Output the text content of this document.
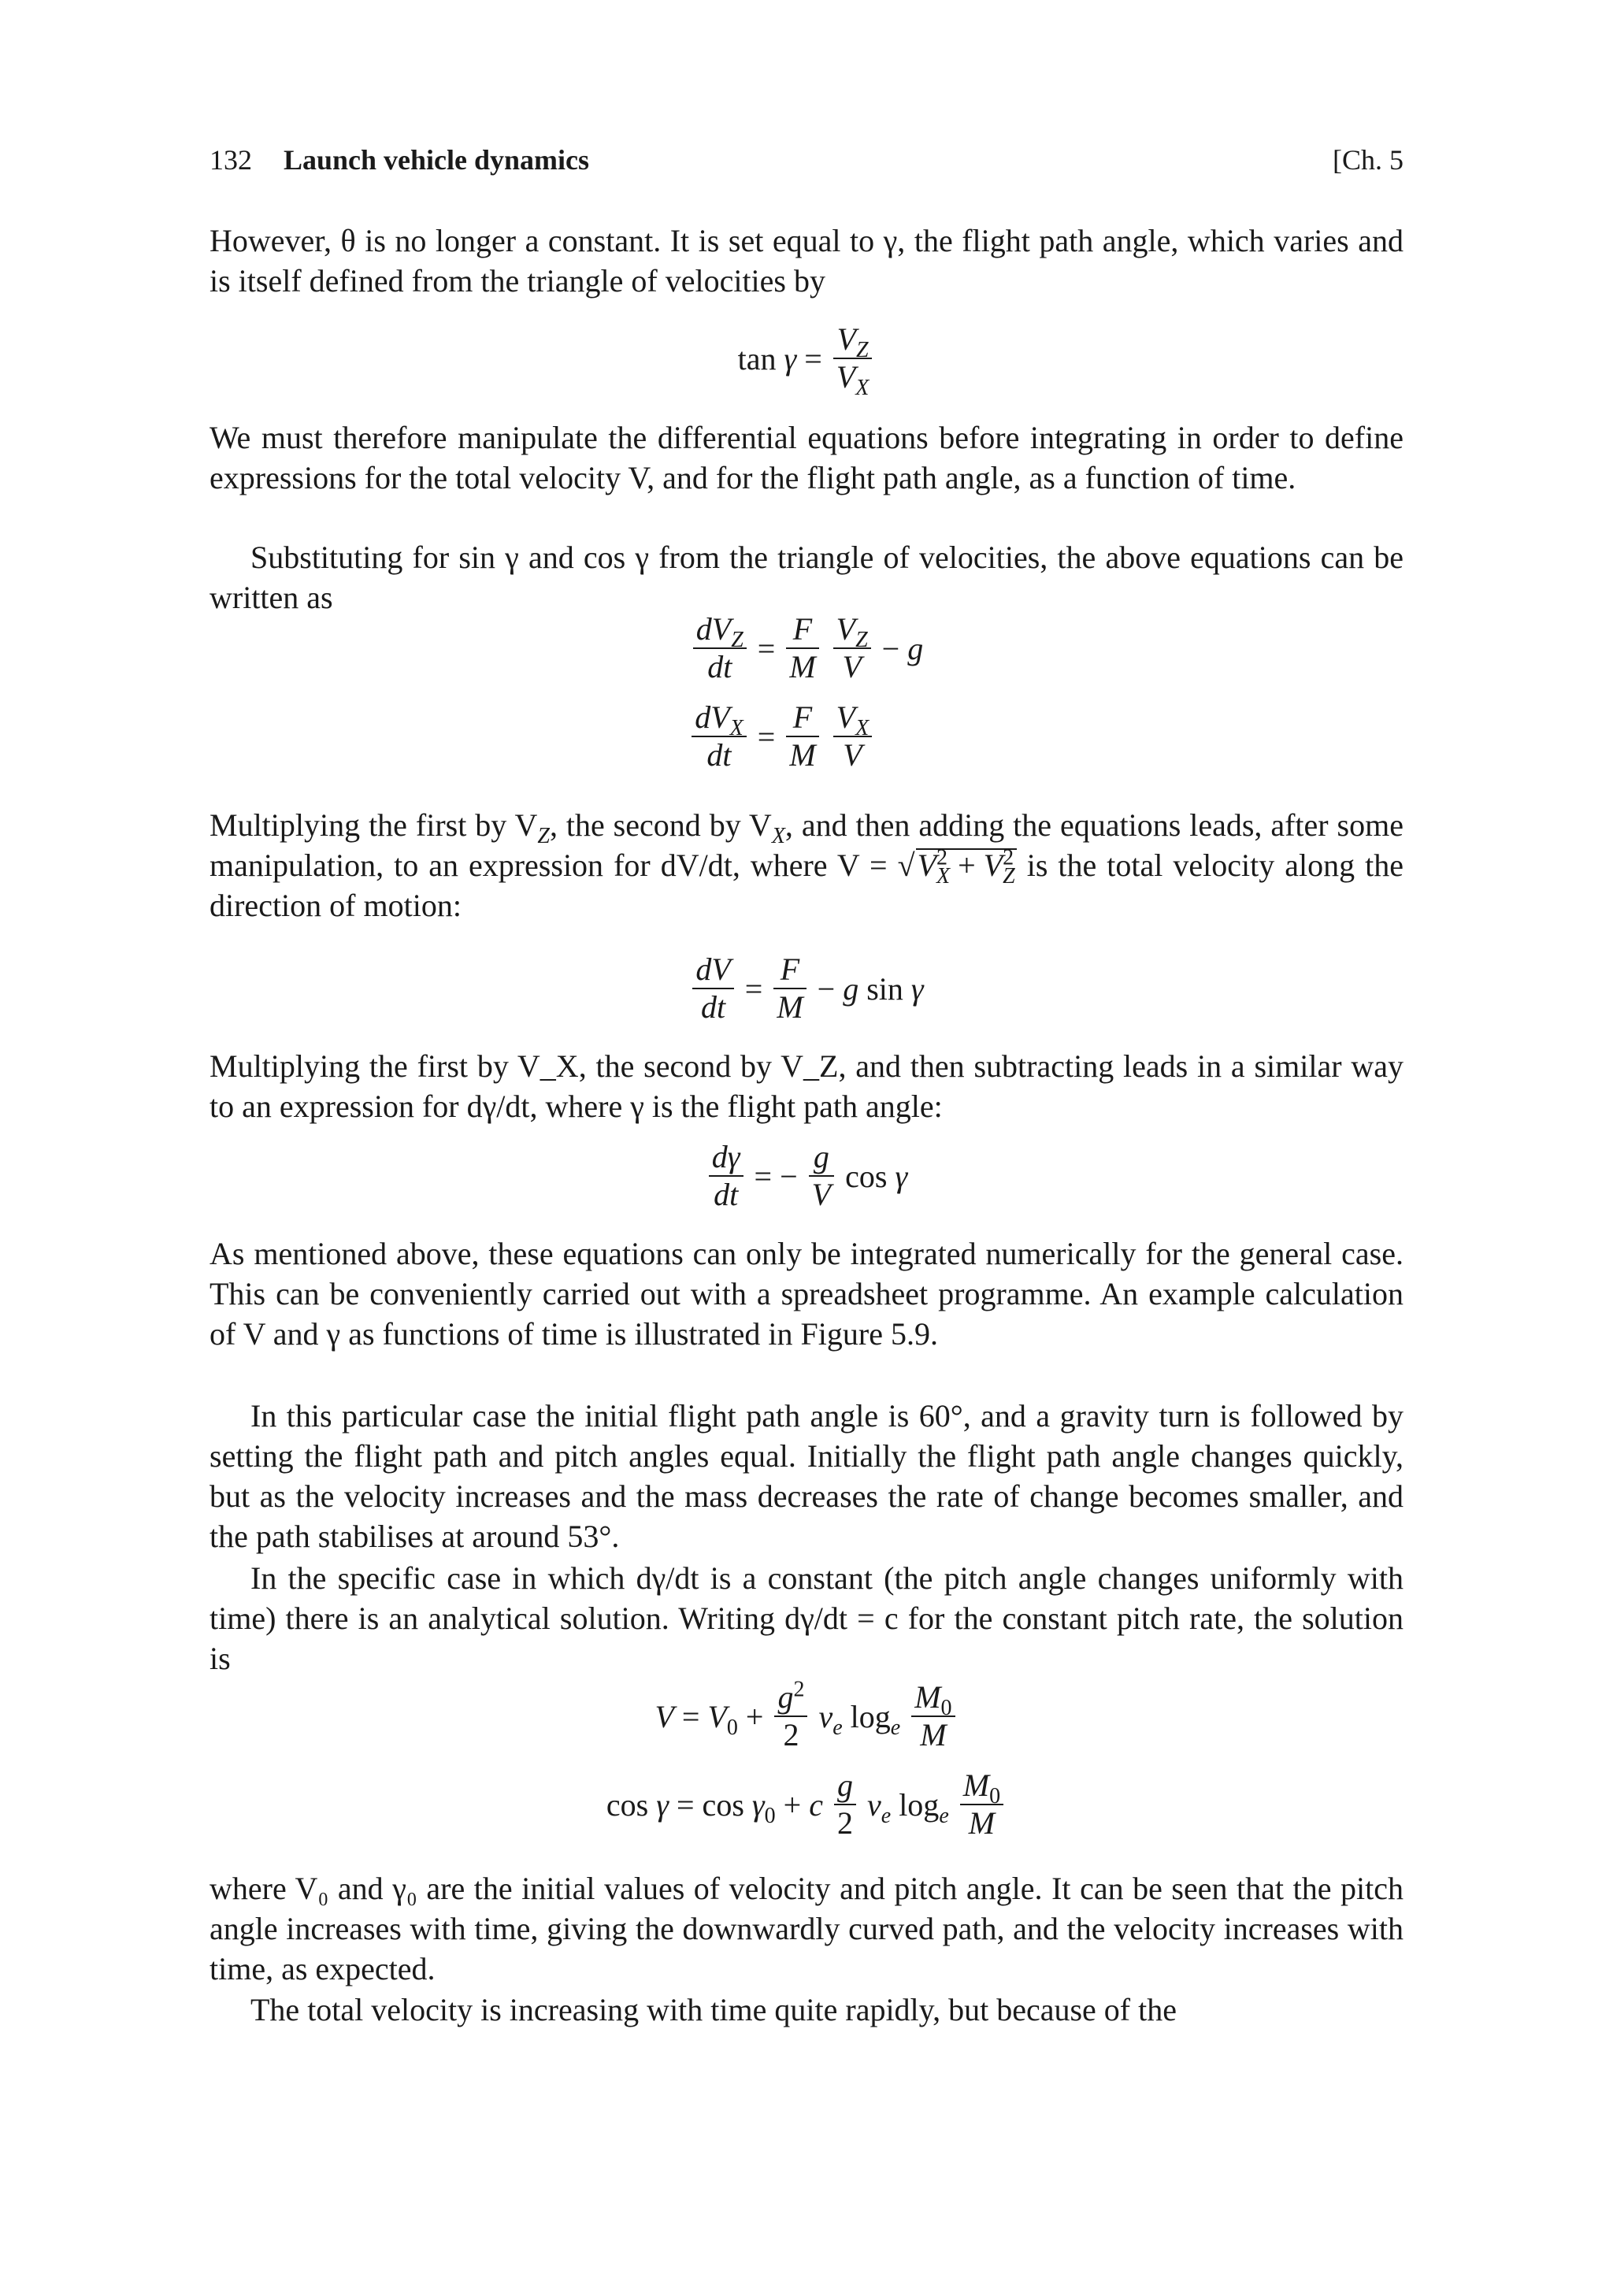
132 Launch vehicle dynamics	[Ch. 5

However, θ is no longer a constant. It is set equal to γ, the flight path angle, which varies and is itself defined from the triangle of velocities by

$\tan \gamma = \frac{V_Z}{V_X}$

We must therefore manipulate the differential equations before integrating in order to define expressions for the total velocity V, and for the flight path angle, as a function of time.

Substituting for sin γ and cos γ from the triangle of velocities, the above equations can be written as

$\frac{dV_Z}{dt} = \frac{F}{M}$
$\frac{V_Z}{V} - g$
$\frac{dV_X}{dt} = \frac{F}{M}$
$\frac{V_X}{V}$

Multiplying the first by $V_Z$, the second by $V_X$, and then adding the equations leads, after some manipulation, to an expression for dV/dt, where $V = √V^2_X + V^2_Z$ is the total velocity along the direction of motion:

$\frac{dV}{dt} = \frac{F}{M} - g$ sin γ

Multiplying the first by V_X, the second by V_Z, and then subtracting leads in a similar way to an expression for dγ/dt, where γ is the flight path angle:

$\frac{d\gamma}{dt}$ = − $\frac{g}{V}$ cos γ

As mentioned above, these equations can only be integrated numerically for the general case. This can be conveniently carried out with a spreadsheet programme. An example calculation of V and γ as functions of time is illustrated in Figure 5.9.

In this particular case the initial flight path angle is 60°, and a gravity turn is followed by setting the flight path and pitch angles equal. Initially the flight path angle changes quickly, but as the velocity increases and the mass decreases the rate of change becomes smaller, and the path stabilises at around 53°.

In the specific case in which dγ/dt is a constant (the pitch angle changes uniformly with time) there is an analytical solution. Writing dγ/dt = c for the constant pitch rate, the solution is

$V = V_0 + \frac{g^2}{2} v_e$ $\log_e \frac{M_0}{M}$
$\cos \gamma = \cos \gamma_0 + c \frac{g}{2} v_e$ $\log_e \frac{M_0}{M}$

where V₀ and γ₀ are the initial values of velocity and pitch angle. It can be seen that the pitch angle increases with time, giving the downwardly curved path, and the velocity increases with time, as expected.

The total velocity is increasing with time quite rapidly, but because of the
